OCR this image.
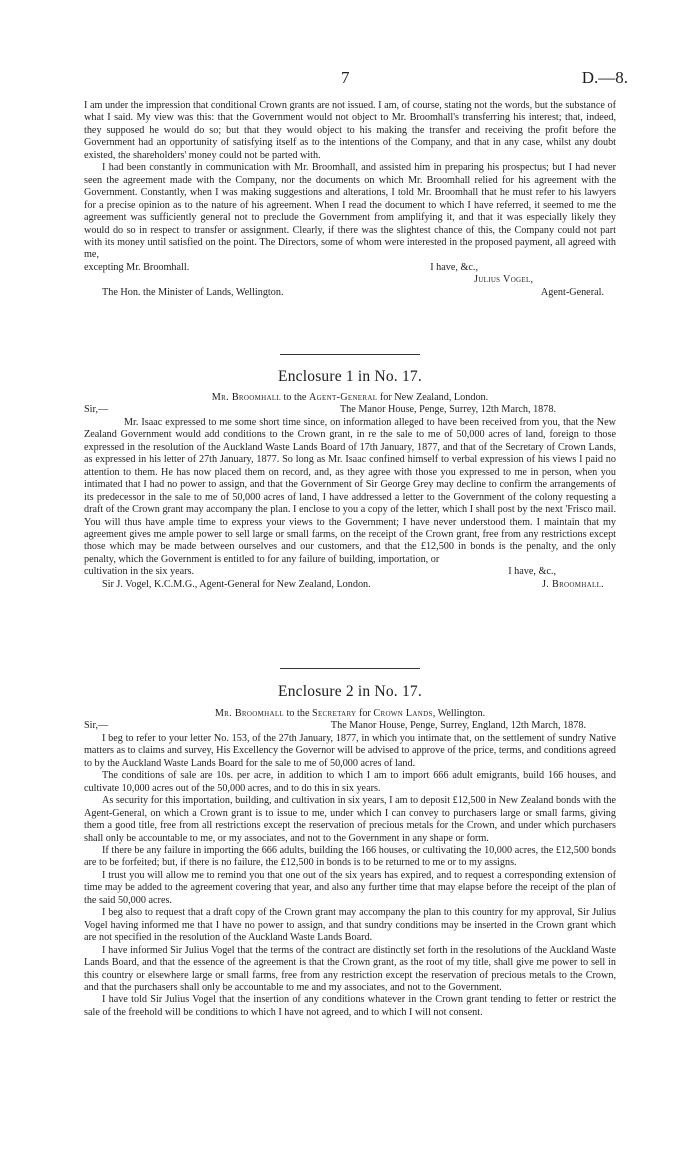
7	D.—8.

I am under the impression that conditional Crown grants are not issued. I am, of course, stating not the words, but the substance of what I said. My view was this: that the Government would not object to Mr. Broomhall's transferring his interest; that, indeed, they supposed he would do so; but that they would object to his making the transfer and receiving the profit before the Government had an opportunity of satisfying itself as to the intentions of the Company, and that in any case, whilst any doubt existed, the shareholders' money could not be parted with.

I had been constantly in communication with Mr. Broomhall, and assisted him in preparing his prospectus; but I had never seen the agreement made with the Company, nor the documents on which Mr. Broomhall relied for his agreement with the Government. Constantly, when I was making suggestions and alterations, I told Mr. Broomhall that he must refer to his lawyers for a precise opinion as to the nature of his agreement. When I read the document to which I have referred, it seemed to me the agreement was sufficiently general not to preclude the Government from amplifying it, and that it was especially likely they would do so in respect to transfer or assignment. Clearly, if there was the slightest chance of this, the Company could not part with its money until satisfied on the point. The Directors, some of whom were interested in the proposed payment, all agreed with me,

excepting Mr. Broomhall.	I have, &c.,
Julius Vogel,
The Hon. the Minister of Lands, Wellington.	Agent-General.
Enclosure 1 in No. 17.
Mr. Broomhall to the Agent-General for New Zealand, London.
Sir,—	The Manor House, Penge, Surrey, 12th March, 1878.

Mr. Isaac expressed to me some short time since, on information alleged to have been received from you, that the New Zealand Government would add conditions to the Crown grant, in re the sale to me of 50,000 acres of land, foreign to those expressed in the resolution of the Auckland Waste Lands Board of 17th January, 1877, and that of the Secretary of Crown Lands, as expressed in his letter of 27th January, 1877. So long as Mr. Isaac confined himself to verbal expression of his views I paid no attention to them. He has now placed them on record, and, as they agree with those you expressed to me in person, when you intimated that I had no power to assign, and that the Government of Sir George Grey may decline to confirm the arrangements of its predecessor in the sale to me of 50,000 acres of land, I have addressed a letter to the Government of the colony requesting a draft of the Crown grant may accompany the plan. I enclose to you a copy of the letter, which I shall post by the next 'Frisco mail. You will thus have ample time to express your views to the Government; I have never understood them. I maintain that my agreement gives me ample power to sell large or small farms, on the receipt of the Crown grant, free from any restrictions except those which may be made between ourselves and our customers, and that the £12,500 in bonds is the penalty, and the only penalty, which the Government is entitled to for any failure of building, importation, or

cultivation in the six years.	I have, &c.,
Sir J. Vogel, K.C.M.G., Agent-General for New Zealand, London.	J. Broomhall.
Enclosure 2 in No. 17.
Mr. Broomhall to the Secretary for Crown Lands, Wellington.
Sir,—	The Manor House, Penge, Surrey, England, 12th March, 1878.

I beg to refer to your letter No. 153, of the 27th January, 1877, in which you intimate that, on the settlement of sundry Native matters as to claims and survey, His Excellency the Governor will be advised to approve of the price, terms, and conditions agreed to by the Auckland Waste Lands Board for the sale to me of 50,000 acres of land.

The conditions of sale are 10s. per acre, in addition to which I am to import 666 adult emigrants, build 166 houses, and cultivate 10,000 acres out of the 50,000 acres, and to do this in six years.

As security for this importation, building, and cultivation in six years, I am to deposit £12,500 in New Zealand bonds with the Agent-General, on which a Crown grant is to issue to me, under which I can convey to purchasers large or small farms, giving them a good title, free from all restrictions except the reservation of precious metals for the Crown, and under which purchasers shall only be accountable to me, or my associates, and not to the Government in any shape or form.

If there be any failure in importing the 666 adults, building the 166 houses, or cultivating the 10,000 acres, the £12,500 bonds are to be forfeited; but, if there is no failure, the £12,500 in bonds is to be returned to me or to my assigns.

I trust you will allow me to remind you that one out of the six years has expired, and to request a corresponding extension of time may be added to the agreement covering that year, and also any further time that may elapse before the receipt of the plan of the said 50,000 acres.

I beg also to request that a draft copy of the Crown grant may accompany the plan to this country for my approval, Sir Julius Vogel having informed me that I have no power to assign, and that sundry conditions may be inserted in the Crown grant which are not specified in the resolution of the Auckland Waste Lands Board.

I have informed Sir Julius Vogel that the terms of the contract are distinctly set forth in the resolutions of the Auckland Waste Lands Board, and that the essence of the agreement is that the Crown grant, as the root of my title, shall give me power to sell in this country or elsewhere large or small farms, free from any restriction except the reservation of precious metals to the Crown, and that the purchasers shall only be accountable to me and my associates, and not to the Government.

I have told Sir Julius Vogel that the insertion of any conditions whatever in the Crown grant tending to fetter or restrict the sale of the freehold will be conditions to which I have not agreed, and to which I will not consent.
